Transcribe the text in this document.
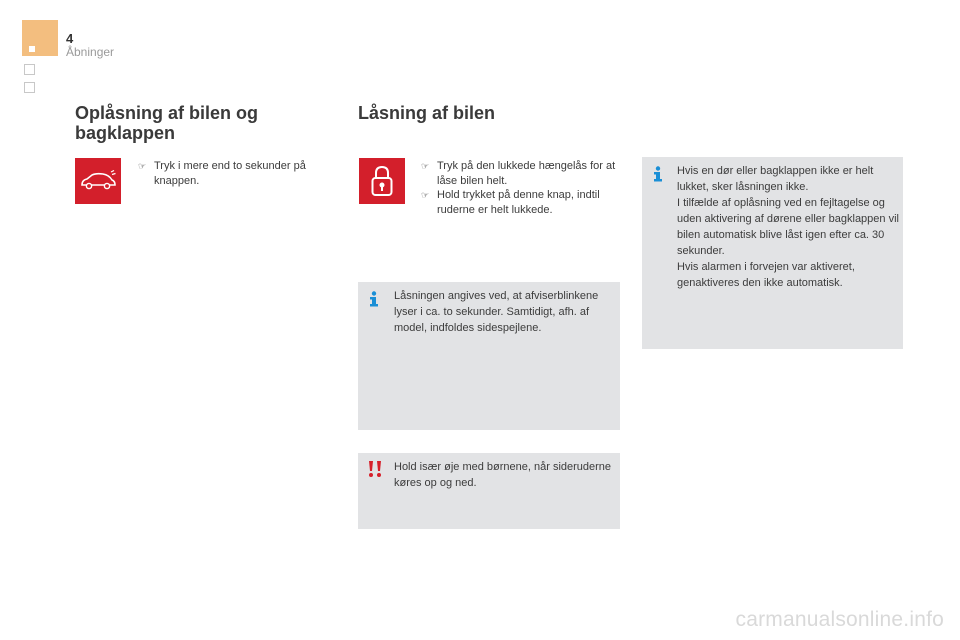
4
Åbninger
Oplåsning af bilen og
bagklappen
☞ Tryk i mere end to sekunder på knappen.
Låsning af bilen
☞ Tryk på den lukkede hængelås for at låse bilen helt.
☞ Hold trykket på denne knap, indtil ruderne er helt lukkede.
Låsningen angives ved, at afviserblinkene lyser i ca. to sekunder. Samtidigt, afh. af model, indfoldes sidespejlene.
Hold især øje med børnene, når sideruderne køres op og ned.
Hvis en dør eller bagklappen ikke er helt lukket, sker låsningen ikke.
I tilfælde af oplåsning ved en fejltagelse og uden aktivering af dørene eller bagklappen vil bilen automatisk blive låst igen efter ca. 30 sekunder.
Hvis alarmen i forvejen var aktiveret, genaktiveres den ikke automatisk.
carmanualsonline.info
